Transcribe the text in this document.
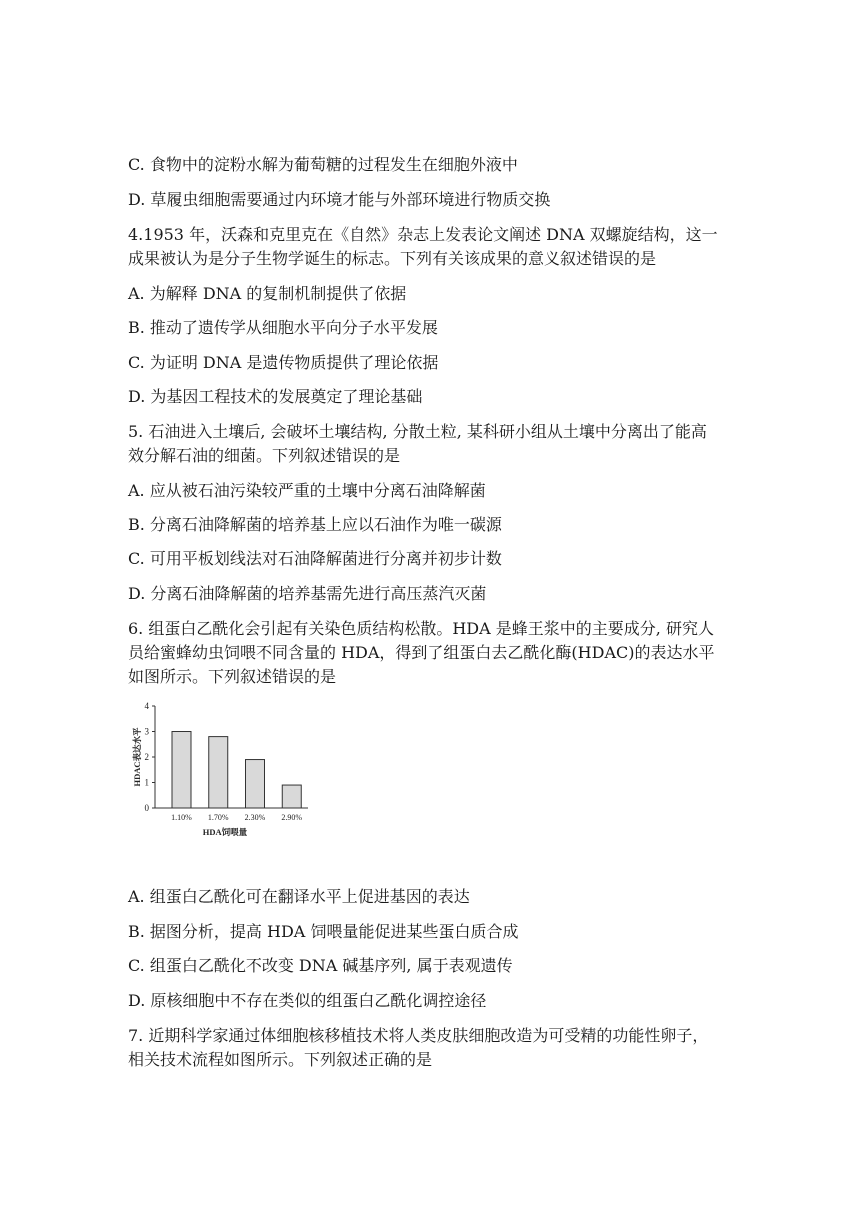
C. 食物中的淀粉水解为葡萄糖的过程发生在细胞外液中
D. 草履虫细胞需要通过内环境才能与外部环境进行物质交换
4.1953 年，沃森和克里克在《自然》杂志上发表论文阐述 DNA 双螺旋结构，这一
成果被认为是分子生物学诞生的标志。下列有关该成果的意义叙述错误的是
A. 为解释 DNA 的复制机制提供了依据
B. 推动了遗传学从细胞水平向分子水平发展
C. 为证明 DNA 是遗传物质提供了理论依据
D. 为基因工程技术的发展奠定了理论基础
5. 石油进入土壤后, 会破坏土壤结构, 分散土粒, 某科研小组从土壤中分离出了能高
效分解石油的细菌。下列叙述错误的是
A. 应从被石油污染较严重的土壤中分离石油降解菌
B. 分离石油降解菌的培养基上应以石油作为唯一碳源
C. 可用平板划线法对石油降解菌进行分离并初步计数
D. 分离石油降解菌的培养基需先进行高压蒸汽灭菌
6. 组蛋白乙酰化会引起有关染色质结构松散。HDA 是蜂王浆中的主要成分, 研究人
员给蜜蜂幼虫饲喂不同含量的 HDA，得到了组蛋白去乙酰化酶(HDAC)的表达水平
如图所示。下列叙述错误的是
0
1
2
3
4
1.10% 1.70% 2.30% 2.90%
HDA饲喂量
HDAC表达水平
A. 组蛋白乙酰化可在翻译水平上促进基因的表达
B. 据图分析，提高 HDA 饲喂量能促进某些蛋白质合成
C. 组蛋白乙酰化不改变 DNA 碱基序列, 属于表观遗传
D. 原核细胞中不存在类似的组蛋白乙酰化调控途径
7. 近期科学家通过体细胞核移植技术将人类皮肤细胞改造为可受精的功能性卵子，
相关技术流程如图所示。下列叙述正确的是
